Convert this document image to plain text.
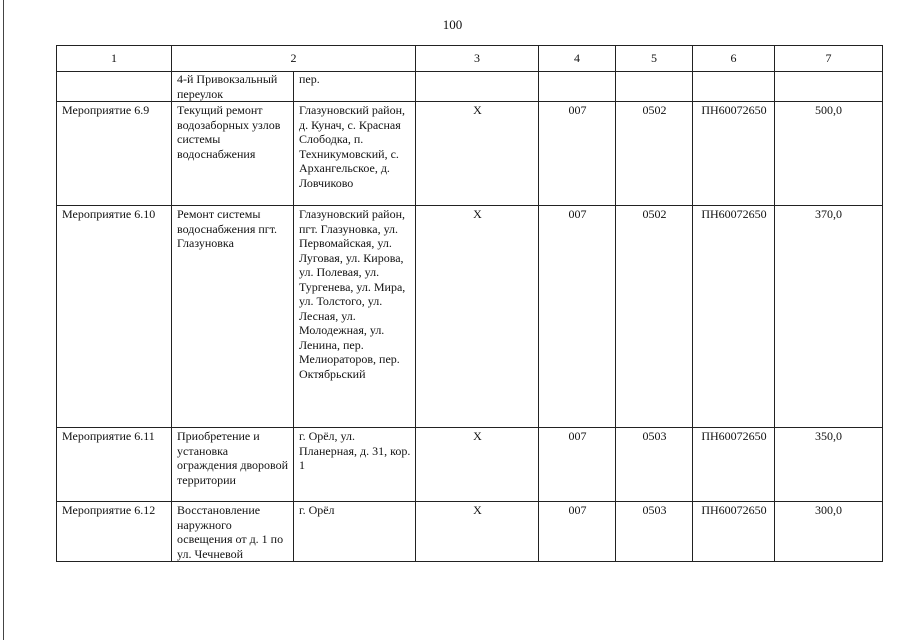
100
1	2		3	4	5	6	7
	4-й Привокзальный переулок	пер.					
Мероприятие 6.9	Текущий ремонт водозаборных узлов системы водоснабжения	Глазуновский район, д. Кунач, с. Красная Слободка, п. Техникумовский, с. Архангельское, д. Ловчиково	X	007	0502	ПН60072650	500,0
Мероприятие 6.10	Ремонт системы водоснабжения пгт. Глазуновка	Глазуновский район, пгт. Глазуновка, ул. Первомайская, ул. Луговая, ул. Кирова, ул. Полевая, ул. Тургенева, ул. Мира, ул. Толстого, ул. Лесная, ул. Молодежная, ул. Ленина, пер. Мелиораторов, пер. Октябрьский	X	007	0502	ПН60072650	370,0
Мероприятие 6.11	Приобретение и установка ограждения дворовой территории	г. Орёл, ул. Планерная, д. 31, кор. 1	X	007	0503	ПН60072650	350,0
Мероприятие 6.12	Восстановление наружного освещения от д. 1 по ул. Чечневой	г. Орёл	X	007	0503	ПН60072650	300,0
